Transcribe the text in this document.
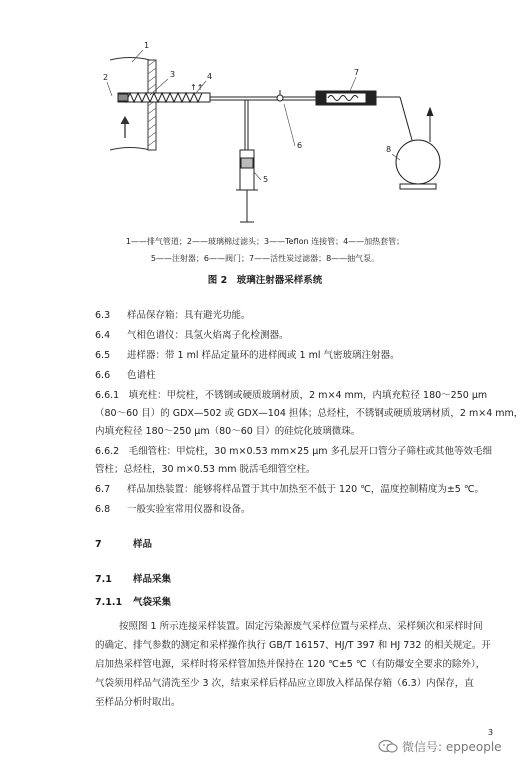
↑↑
1
2	3	4
5
6
7
8
1——排气管道；2——玻璃棉过滤头；3——Teflon 连接管；4——加热套管；
5——注射器；6——阀门；7——活性炭过滤器；8——抽气泵。
图 2　玻璃注射器采样系统
6.3 样品保存箱：具有避光功能。
6.4 气相色谱仪：具氢火焰离子化检测器。
6.5 进样器：带 1 ml 样品定量环的进样阀或 1 ml 气密玻璃注射器。
6.6 色谱柱
6.6.1　填充柱：甲烷柱，不锈钢或硬质玻璃材质，2 m×4 mm，内填充粒径 180～250 μm
（80～60 目）的 GDX—502 或 GDX—104 担体；总烃柱，不锈钢或硬质玻璃材质，2 m×4 mm，
内填充粒径 180～250 μm（80～60 目）的硅烷化玻璃微珠。
6.6.2　毛细管柱：甲烷柱，30 m×0.53 mm×25 μm 多孔层开口管分子筛柱或其他等效毛细
管柱；总烃柱，30 m×0.53 mm 脱活毛细管空柱。
6.7 样品加热装置：能够将样品置于其中加热至不低于 120 ℃，温度控制精度为±5 ℃。
6.8 一般实验室常用仪器和设备。
7	样品
7.1 样品采集
7.1.1 气袋采集
按照图 1 所示连接采样装置。固定污染源废气采样位置与采样点、采样频次和采样时间
的确定、排气参数的测定和采样操作执行 GB/T 16157、HJ/T 397 和 HJ 732 的相关规定。开
启加热采样管电源，采样时将采样管加热并保持在 120 ℃±5 ℃（有防爆安全要求的除外），
气袋须用样品气清洗至少 3 次，结束采样后样品应立即放入样品保存箱（6.3）内保存，直
至样品分析时取出。
3
微信号: eppeople
